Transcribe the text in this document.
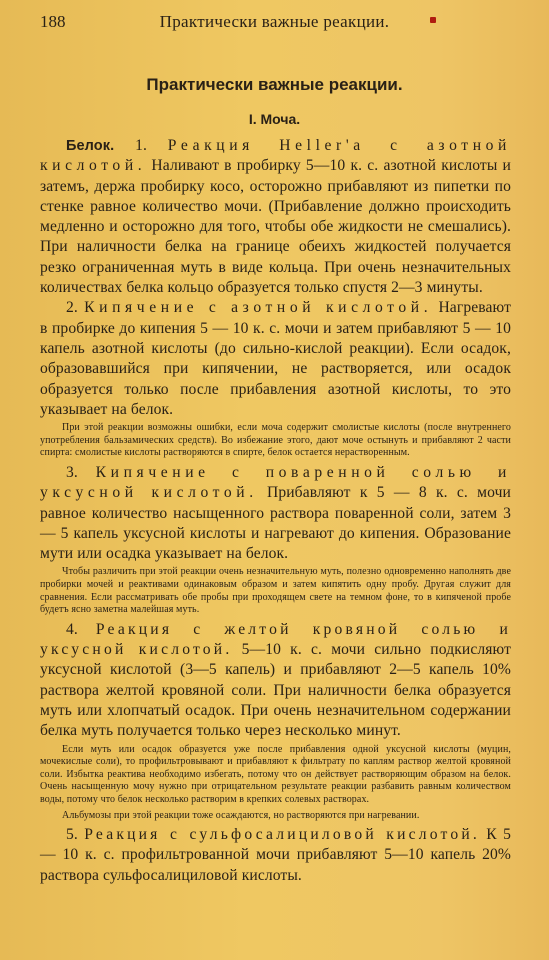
188	Практически важные реакции.
Практически важные реакции.
I. Моча.

Белок. 1. Реакция Heller'a с азотной кислотой. Наливают в пробирку 5—10 к. с. азотной кислоты и затемъ, держа пробирку косо, осторожно прибавляют из пипетки по стенке равное количество мочи. (Прибавление должно происходить медленно и осторожно для того, чтобы обе жидкости не смешались). При наличности белка на границе обеихъ жидкостей получается резко ограниченная муть в виде кольца. При очень незначительных количествах белка кольцо образуется только спустя 2—3 минуты.

2. Кипячение с азотной кислотой. Нагревают в пробирке до кипения 5 — 10 к. с. мочи и затем прибавляют 5 — 10 капель азотной кислоты (до сильно-кислой реакции). Если осадок, образовавшийся при кипячении, не растворяется, или осадок образуется только после прибавления азотной кислоты, то это указывает на белок.

При этой реакции возможны ошибки, если моча содержит смолистые кислоты (после внутреннего употребления бальзамических средств). Во избежание этого, дают моче остынуть и прибавляют 2 части спирта: смолистые кислоты растворяются в спирте, белок остается нерастворенным.

3. Кипячение с поваренной солью и уксусной кислотой. Прибавляют к 5 — 8 к. с. мочи равное количество насыщенного раствора поваренной соли, затем 3 — 5 капель уксусной кислоты и нагревают до кипения. Образование мути или осадка указывает на белок.

Чтобы различить при этой реакции очень незначительную муть, полезно одновременно наполнять две пробирки мочей и реактивами одинаковым образом и затем кипятить одну пробу. Другая служит для сравнения. Если рассматривать обе пробы при проходящем свете на темном фоне, то в кипяченой пробе будетъ ясно заметна малейшая муть.

4. Реакция с желтой кровяной солью и уксусной кислотой. 5—10 к. с. мочи сильно подкисляют уксусной кислотой (3—5 капель) и прибавляют 2—5 капель 10% раствора желтой кровяной соли. При наличности белка образуется муть или хлопчатый осадок. При очень незначительном содержании белка муть получается только через несколько минут.

Если муть или осадок образуется уже после прибавления одной уксусной кислоты (муцин, мочекислые соли), то профильтровывают и прибавляют к фильтрату по каплям раствор желтой кровяной соли. Избытка реактива необходимо избегать, потому что он действует растворяющим образом на белок. Очень насыщенную мочу нужно при отрицательном результате реакции разбавить равным количеством воды, потому что белок несколько растворим в крепких солевых растворах.

Альбумозы при этой реакции тоже осаждаются, но растворяются при нагревании.

5. Реакция с сульфосалициловой кислотой. К 5 — 10 к. с. профильтрованной мочи прибавляют 5—10 капель 20% раствора сульфосалициловой кислоты.
